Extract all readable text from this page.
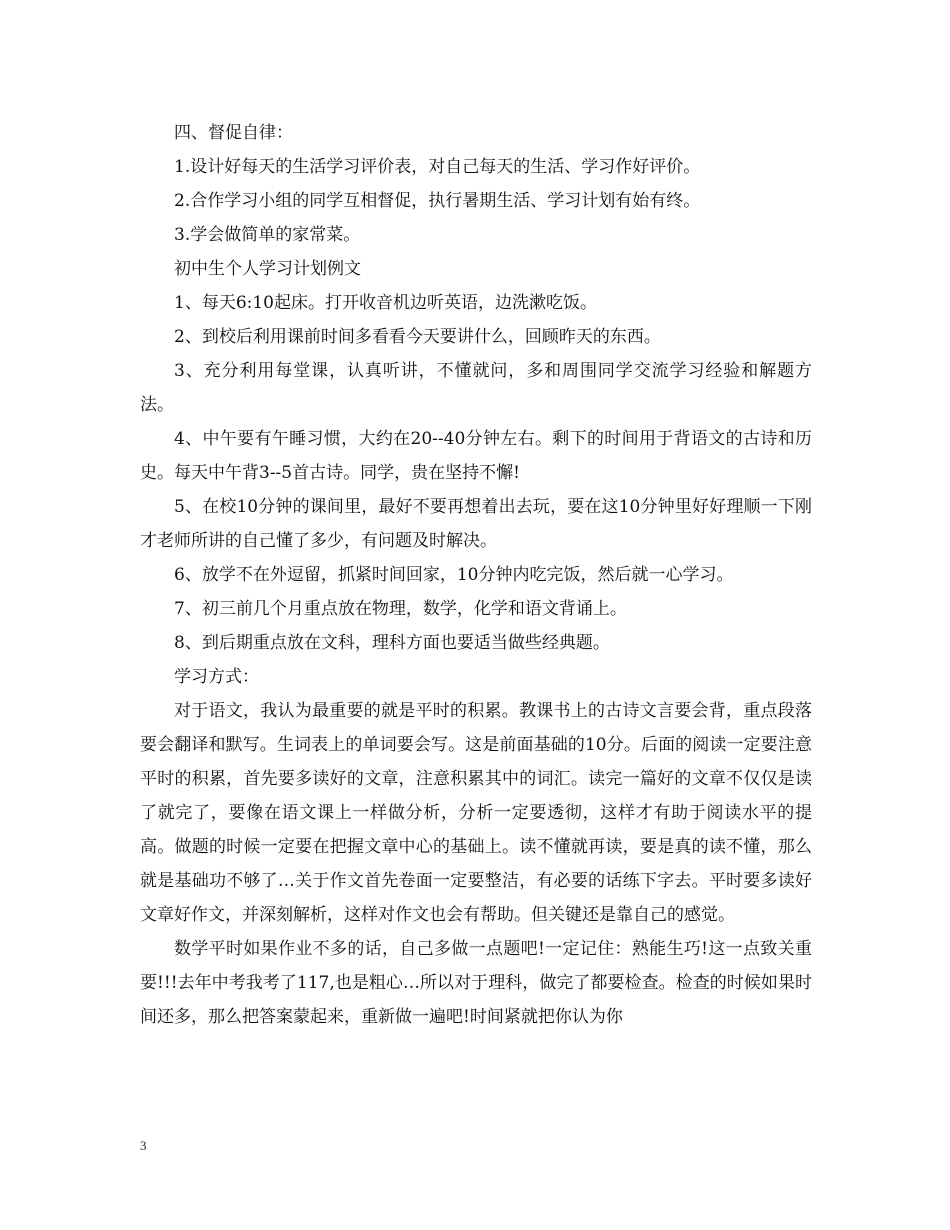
四、督促自律：

1.设计好每天的生活学习评价表，对自己每天的生活、学习作好评价。

2.合作学习小组的同学互相督促，执行暑期生活、学习计划有始有终。

3.学会做简单的家常菜。

初中生个人学习计划例文

1、每天6:10起床。打开收音机边听英语，边洗漱吃饭。

2、到校后利用课前时间多看看今天要讲什么，回顾昨天的东西。

3、充分利用每堂课，认真听讲，不懂就问，多和周围同学交流学习经验和解题方法。

4、中午要有午睡习惯，大约在20--40分钟左右。剩下的时间用于背语文的古诗和历史。每天中午背3--5首古诗。同学，贵在坚持不懈!

5、在校10分钟的课间里，最好不要再想着出去玩，要在这10分钟里好好理顺一下刚才老师所讲的自己懂了多少，有问题及时解决。

6、放学不在外逗留，抓紧时间回家，10分钟内吃完饭，然后就一心学习。

7、初三前几个月重点放在物理，数学，化学和语文背诵上。

8、到后期重点放在文科，理科方面也要适当做些经典题。

学习方式：

对于语文，我认为最重要的就是平时的积累。教课书上的古诗文言要会背，重点段落要会翻译和默写。生词表上的单词要会写。这是前面基础的10分。后面的阅读一定要注意平时的积累，首先要多读好的文章，注意积累其中的词汇。读完一篇好的文章不仅仅是读了就完了，要像在语文课上一样做分析，分析一定要透彻，这样才有助于阅读水平的提高。做题的时候一定要在把握文章中心的基础上。读不懂就再读，要是真的读不懂，那么就是基础功不够了…关于作文首先卷面一定要整洁，有必要的话练下字去。平时要多读好文章好作文，并深刻解析，这样对作文也会有帮助。但关键还是靠自己的感觉。

数学平时如果作业不多的话，自己多做一点题吧!一定记住：熟能生巧!这一点致关重要!!!去年中考我考了117,也是粗心…所以对于理科，做完了都要检查。检查的时候如果时间还多，那么把答案蒙起来，重新做一遍吧!时间紧就把你认为你

3
